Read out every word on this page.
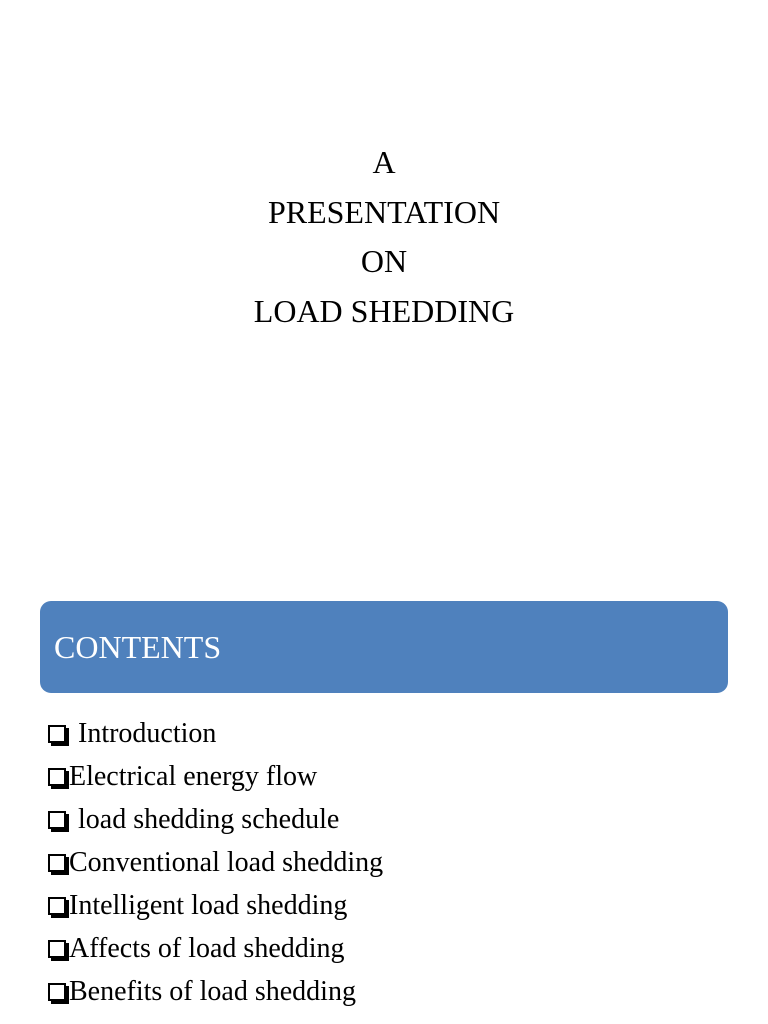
A
PRESENTATION
ON
LOAD SHEDDING
CONTENTS
Introduction
Electrical energy flow
load shedding schedule
Conventional load shedding
Intelligent load shedding
Affects of load shedding
Benefits of load shedding
